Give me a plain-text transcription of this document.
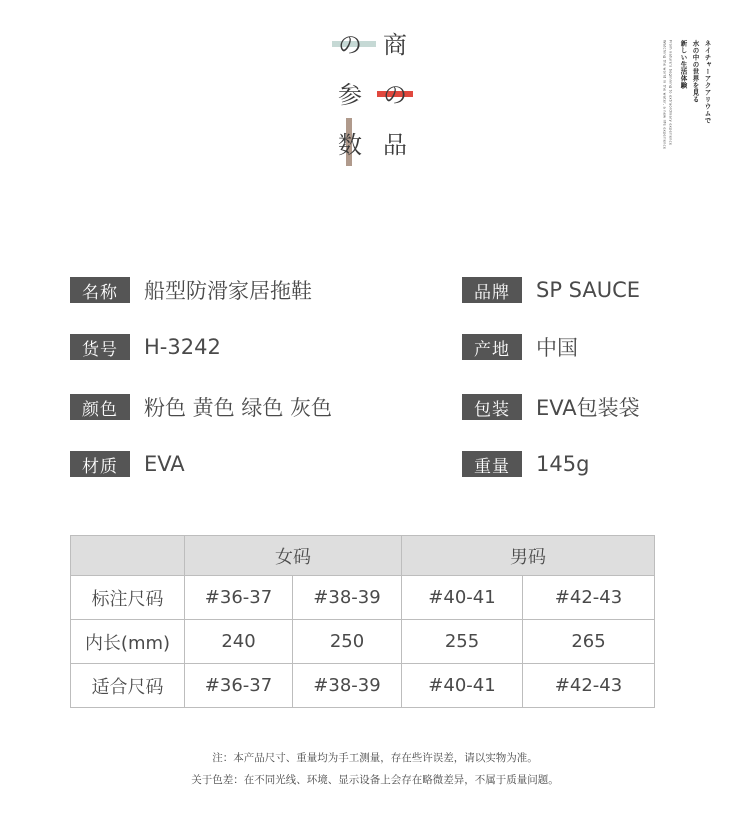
の 商
参 の
数 品
ネイチャーアクアリウムで
水の中の世界を見る
新しい生活体験
From nature's beginning to extraordinary experience
Watching the world in the water, a new life experience
名称	船型防滑家居拖鞋
货号	H-3242
颜色	粉色 黄色 绿色 灰色
材质	EVA
品牌	SP SAUCE
产地	中国
包装	EVA包装袋
重量	145g
	女码		男码	
标注尺码	#36-37	#38-39	#40-41	#42-43
内长(mm)	240	250	255	265
适合尺码	#36-37	#38-39	#40-41	#42-43
注：本产品尺寸、重量均为手工测量，存在些许误差，请以实物为准。
关于色差：在不同光线、环境、显示设备上会存在略微差异，不属于质量问题。
